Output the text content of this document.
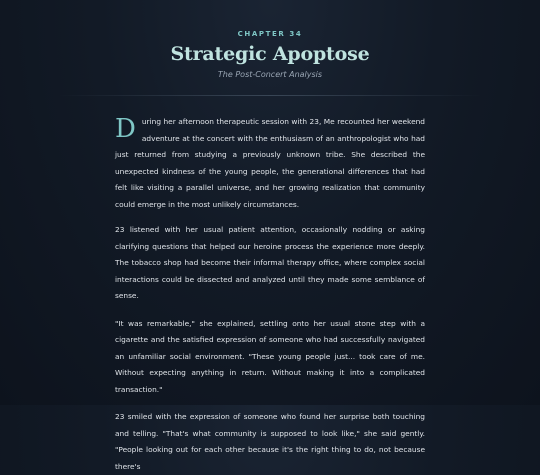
CHAPTER 34
Strategic Apoptose
The Post-Concert Analysis

During her afternoon therapeutic session with 23, Me recounted her weekend adventure at the concert with the enthusiasm of an anthropologist who had just returned from studying a previously unknown tribe. She described the unexpected kindness of the young people, the generational differences that had felt like visiting a parallel universe, and her growing realization that community could emerge in the most unlikely circumstances.

23 listened with her usual patient attention, occasionally nodding or asking clarifying questions that helped our heroine process the experience more deeply. The tobacco shop had become their informal therapy office, where complex social interactions could be dissected and analyzed until they made some semblance of sense.

"It was remarkable," she explained, settling onto her usual stone step with a cigarette and the satisfied expression of someone who had successfully navigated an unfamiliar social environment. "These young people just... took care of me. Without expecting anything in return. Without making it into a complicated transaction."

23 smiled with the expression of someone who found her surprise both touching and telling. "That's what community is supposed to look like," she said gently. "People looking out for each other because it's the right thing to do, not because there's
